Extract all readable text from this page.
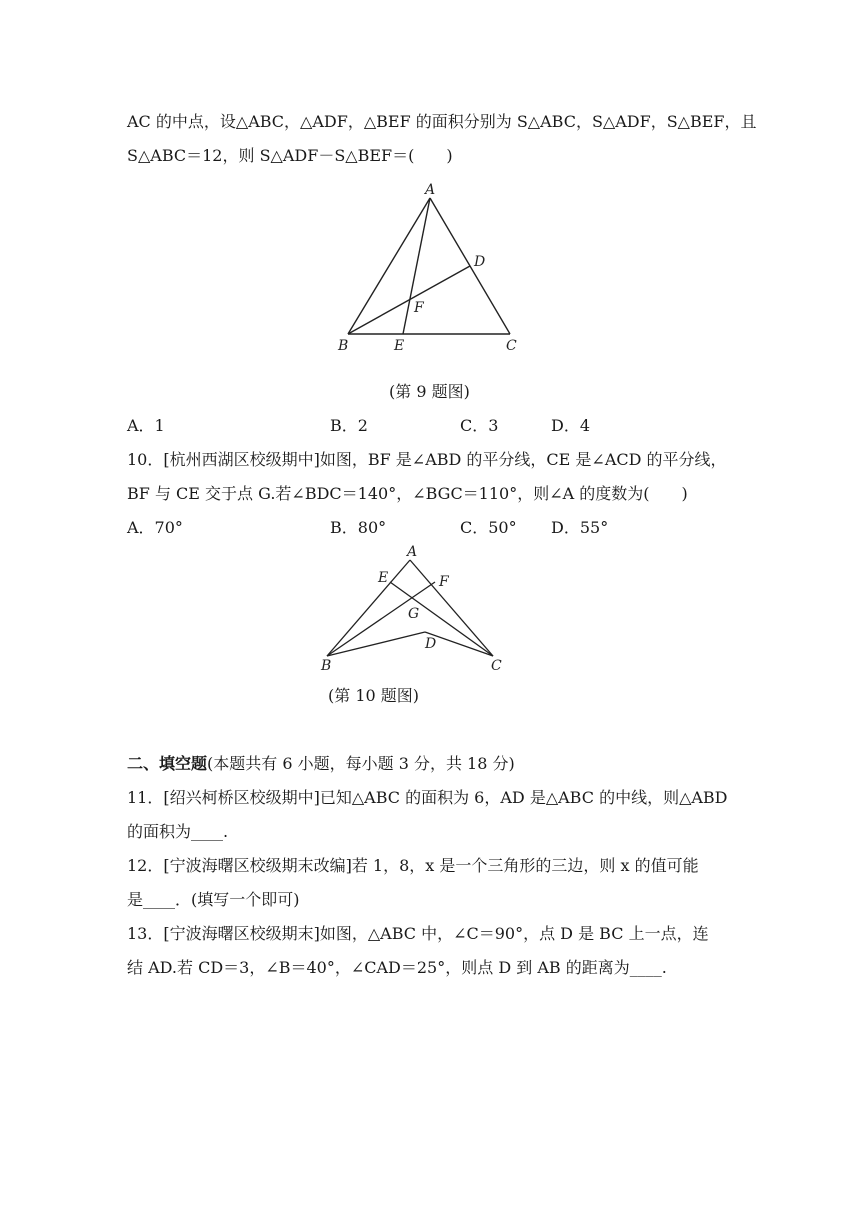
AC 的中点，设△ABC，△ADF，△BEF 的面积分别为 S△ABC，S△ADF，S△BEF，且
S△ABC＝12，则 S△ADF－S△BEF＝(　　)
A
D
F
B	E	C
(第 9 题图)
A．1	B．2	C．3	D．4
10．[杭州西湖区校级期中]如图，BF 是∠ABD 的平分线，CE 是∠ACD 的平分线，
BF 与 CE 交于点 G.若∠BDC＝140°，∠BGC＝110°，则∠A 的度数为(　　)
A．70°	B．80°	C．50° D．55°
A
E	F
G
D
B	C
(第 10 题图)
二、填空题(本题共有 6 小题，每小题 3 分，共 18 分)
11．[绍兴柯桥区校级期中]已知△ABC 的面积为 6，AD 是△ABC 的中线，则△ABD
的面积为____.
12．[宁波海曙区校级期末改编]若 1，8，x 是一个三角形的三边，则 x 的值可能
是____．(填写一个即可)
13．[宁波海曙区校级期末]如图，△ABC 中，∠C＝90°，点 D 是 BC 上一点，连
结 AD.若 CD＝3，∠B＝40°，∠CAD＝25°，则点 D 到 AB 的距离为____.
